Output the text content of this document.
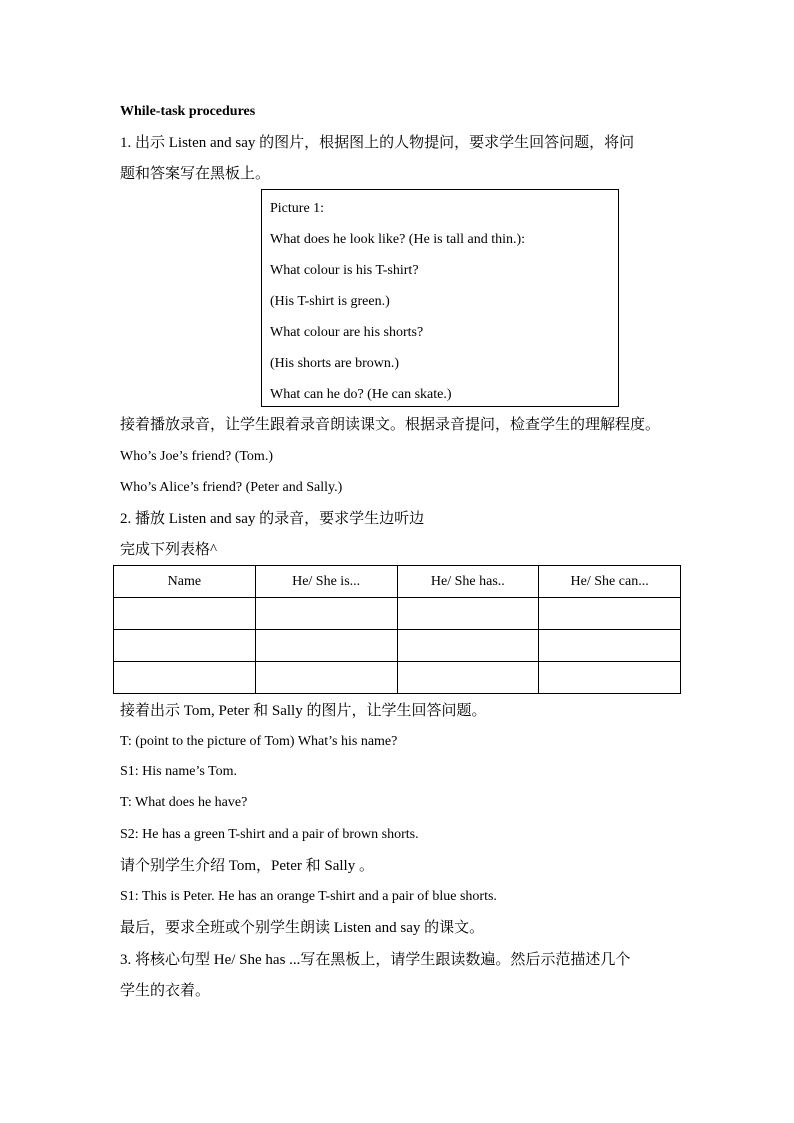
While-task procedures
1. 出示 Listen and say 的图片，根据图上的人物提问，要求学生回答问题，将问
题和答案写在黑板上。
Picture 1:
What does he look like? (He is tall and thin.):
What colour is his T-shirt?
(His T-shirt is green.)
What colour are his shorts?
(His shorts are brown.)
What can he do? (He can skate.)
接着播放录音，让学生跟着录音朗读课文。根据录音提问，检查学生的理解程度。
Who’s Joe’s friend? (Tom.)
Who’s Alice’s friend? (Peter and Sally.)
2. 播放 Listen and say 的录音，要求学生边听边
完成下列表格^
Name	He/ She is...	He/ She has..	He/ She can...

接着出示 Tom, Peter 和 Sally 的图片，让学生回答问题。
T: (point to the picture of Tom) What’s his name?
S1: His name’s Tom.
T: What does he have?
S2: He has a green T-shirt and a pair of brown shorts.
请个别学生介绍 Tom，Peter 和 Sally 。
S1: This is Peter. He has an orange T-shirt and a pair of blue shorts.
最后，要求全班或个别学生朗读 Listen and say 的课文。
3. 将核心句型 He/ She has ...写在黑板上，请学生跟读数遍。然后示范描述几个
学生的衣着。
